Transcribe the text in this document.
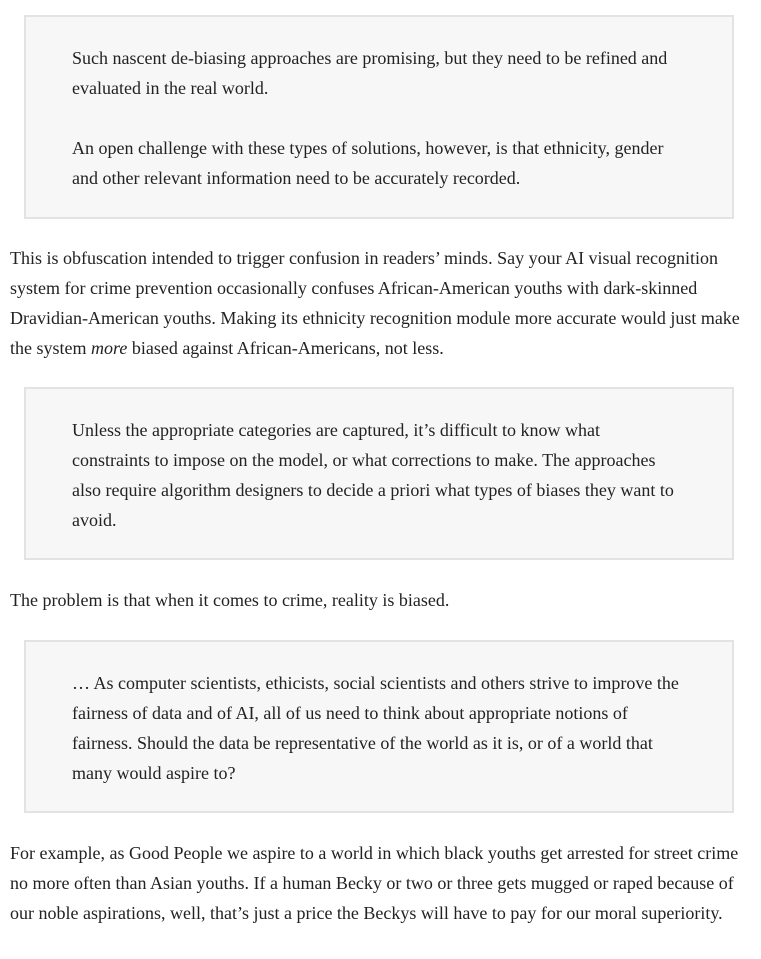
Such nascent de-biasing approaches are promising, but they need to be refined and evaluated in the real world.

An open challenge with these types of solutions, however, is that ethnicity, gender and other relevant information need to be accurately recorded.

This is obfuscation intended to trigger confusion in readers’ minds. Say your AI visual recognition system for crime prevention occasionally confuses African-American youths with dark-skinned Dravidian-American youths. Making its ethnicity recognition module more accurate would just make the system more biased against African-Americans, not less.

Unless the appropriate categories are captured, it’s difficult to know what constraints to impose on the model, or what corrections to make. The approaches also require algorithm designers to decide a priori what types of biases they want to avoid.

The problem is that when it comes to crime, reality is biased.

… As computer scientists, ethicists, social scientists and others strive to improve the fairness of data and of AI, all of us need to think about appropriate notions of fairness. Should the data be representative of the world as it is, or of a world that many would aspire to?

For example, as Good People we aspire to a world in which black youths get arrested for street crime no more often than Asian youths. If a human Becky or two or three gets mugged or raped because of our noble aspirations, well, that’s just a price the Beckys will have to pay for our moral superiority.
